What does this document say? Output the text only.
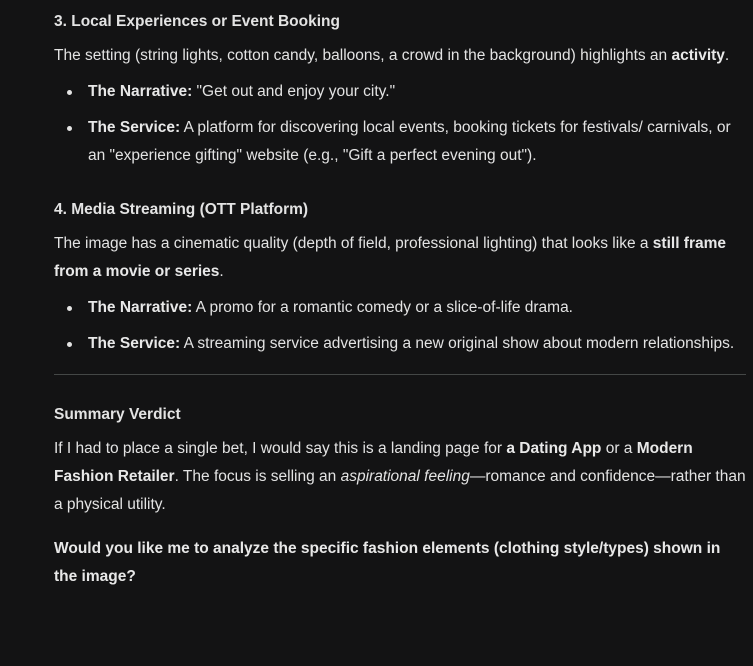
3. Local Experiences or Event Booking

The setting (string lights, cotton candy, balloons, a crowd in the background) highlights an activity.

The Narrative: "Get out and enjoy your city."
The Service: A platform for discovering local events, booking tickets for festivals/ carnivals, or an "experience gifting" website (e.g., "Gift a perfect evening out").
4. Media Streaming (OTT Platform)

The image has a cinematic quality (depth of field, professional lighting) that looks like a still frame from a movie or series.

The Narrative: A promo for a romantic comedy or a slice-of-life drama.
The Service: A streaming service advertising a new original show about modern relationships.
Summary Verdict

If I had to place a single bet, I would say this is a landing page for a Dating App or a Modern Fashion Retailer. The focus is selling an aspirational feeling—romance and confidence—rather than a physical utility.

Would you like me to analyze the specific fashion elements (clothing style/types) shown in the image?
